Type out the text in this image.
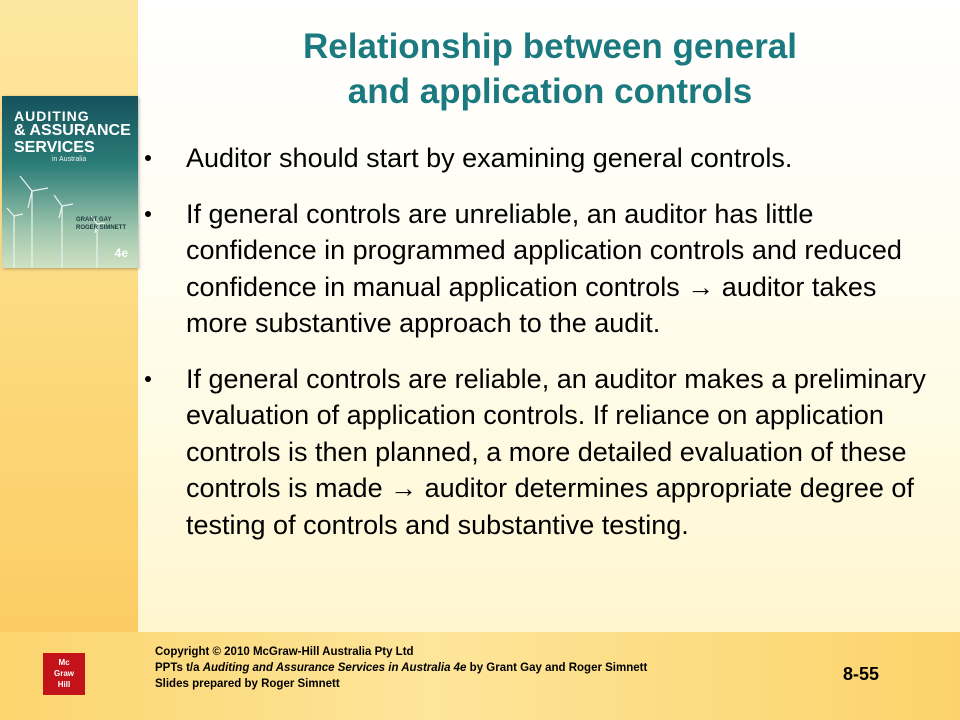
Relationship between general
and application controls
AUDITING
& ASSURANCE
SERVICES
in Australia
GRANT GAY
ROGER SIMNETT
4e
Auditor should start by examining general controls.
If general controls are unreliable, an auditor has little confidence in programmed application controls and reduced confidence in manual application controls → auditor takes more substantive approach to the audit.
If general controls are reliable, an auditor makes a preliminary evaluation of application controls. If reliance on application controls is then planned, a more detailed evaluation of these controls is made → auditor determines appropriate degree of testing of controls and substantive testing.
Mc
Graw
Hill
Copyright © 2010 McGraw-Hill Australia Pty Ltd
PPTs t/a Auditing and Assurance Services in Australia 4e by Grant Gay and Roger Simnett
Slides prepared by Roger Simnett	8-55
